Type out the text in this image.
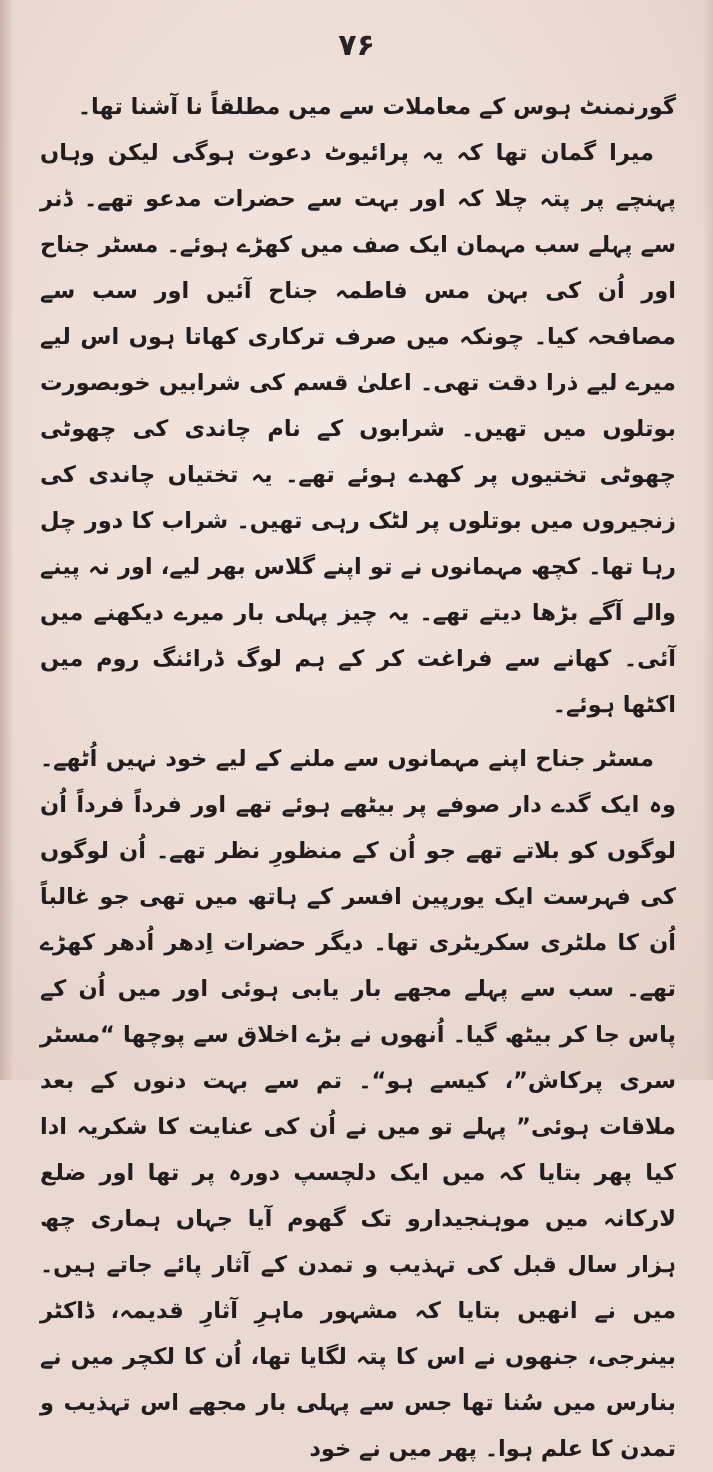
۷۶

گورنمنٹ ہوس کے معاملات سے میں مطلقاً نا آشنا تھا۔

میرا گمان تھا کہ یہ پرائیوٹ دعوت ہوگی لیکن وہاں پہنچے پر پتہ چلا کہ اور بہت سے حضرات مدعو تھے۔ ڈنر سے پہلے سب مہمان ایک صف میں کھڑے ہوئے۔ مسٹر جناح اور اُن کی بہن مس فاطمہ جناح آئیں اور سب سے مصافحہ کیا۔ چونکہ میں صرف ترکاری کھاتا ہوں اس لیے میرے لیے ذرا دقت تھی۔ اعلیٰ قسم کی شرابیں خوبصورت بوتلوں میں تھیں۔ شرابوں کے نام چاندی کی چھوٹی چھوٹی تختیوں پر کھدے ہوئے تھے۔ یہ تختیاں چاندی کی زنجیروں میں بوتلوں پر لٹک رہی تھیں۔ شراب کا دور چل رہا تھا۔ کچھ مہمانوں نے تو اپنے گلاس بھر لیے، اور نہ پینے والے آگے بڑھا دیتے تھے۔ یہ چیز پہلی بار میرے دیکھنے میں آئی۔ کھانے سے فراغت کر کے ہم لوگ ڈرائنگ روم میں اکٹھا ہوئے۔

مسٹر جناح اپنے مہمانوں سے ملنے کے لیے خود نہیں اُٹھے۔ وہ ایک گدے دار صوفے پر بیٹھے ہوئے تھے اور فرداً فرداً اُن لوگوں کو بلاتے تھے جو اُن کے منظورِ نظر تھے۔ اُن لوگوں کی فہرست ایک یورپین افسر کے ہاتھ میں تھی جو غالباً اُن کا ملٹری سکریٹری تھا۔ دیگر حضرات اِدھر اُدھر کھڑے تھے۔ سب سے پہلے مجھے بار یابی ہوئی اور میں اُن کے پاس جا کر بیٹھ گیا۔ اُنھوں نے بڑے اخلاق سے پوچھا “مسٹر سری پرکاش”، کیسے ہو“۔ تم سے بہت دنوں کے بعد ملاقات ہوئی” پہلے تو میں نے اُن کی عنایت کا شکریہ ادا کیا پھر بتایا کہ میں ایک دلچسپ دورہ پر تھا اور ضلع لارکانہ میں موہنجیدارو تک گھوم آیا جہاں ہماری چھ ہزار سال قبل کی تہذیب و تمدن کے آثار پائے جاتے ہیں۔ میں نے انھیں بتایا کہ مشہور ماہرِ آثارِ قدیمہ، ڈاکٹر بینرجی، جنھوں نے اس کا پتہ لگایا تھا، اُن کا لکچر میں نے بنارس میں سُنا تھا جس سے پہلی بار مجھے اس تہذیب و تمدن کا علم ہوا۔ پھر میں نے خود
